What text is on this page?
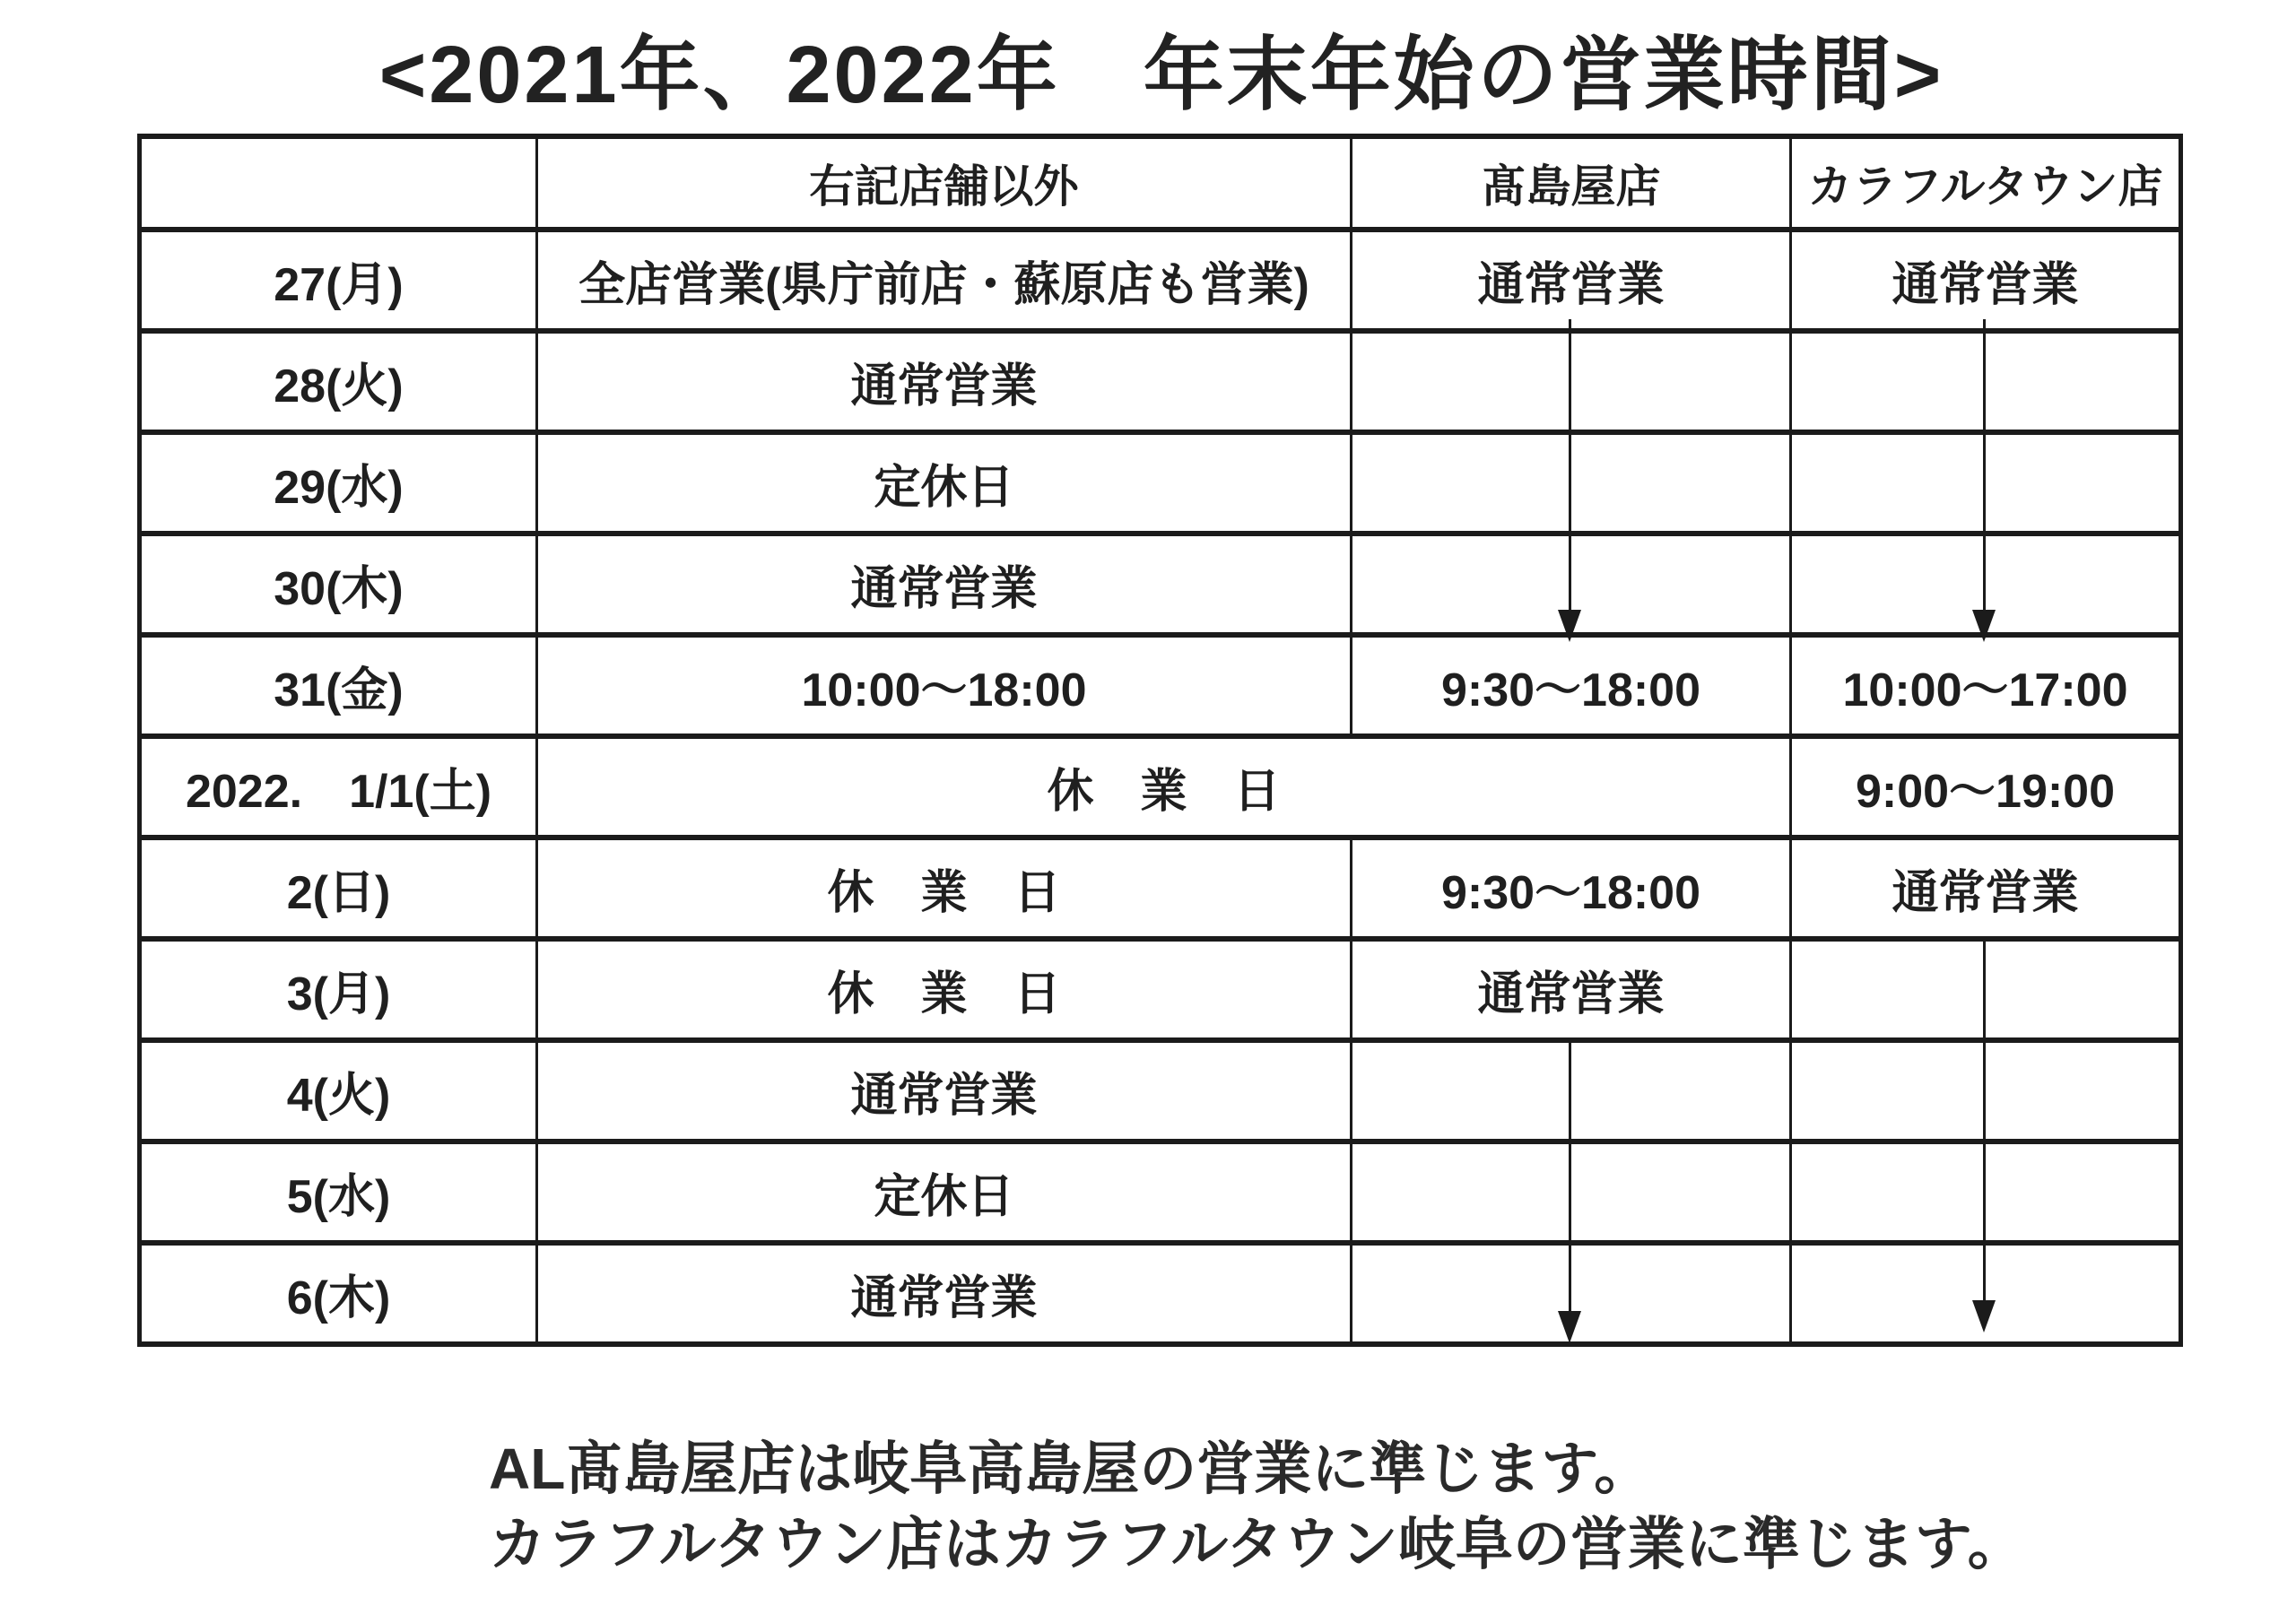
<2021年、2022年　年末年始の営業時間>
	右記店舗以外	髙島屋店	カラフルタウン店
27(月)	全店営業(県庁前店・蘇原店も営業)	通常営業	通常営業
28(火)	通常営業		
29(水)	定休日		
30(木)	通常営業		
31(金)	10:00〜18:00	9:30〜18:00	10:00〜17:00
2022.　1/1(土)	休　業　日		9:00〜19:00
2(日)	休　業　日	9:30〜18:00	通常営業
3(月)	休　業　日	通常営業	
4(火)	通常営業		
5(水)	定休日		
6(木)	通常営業		
AL髙島屋店は岐阜高島屋の営業に準じます。
カラフルタウン店はカラフルタウン岐阜の営業に準じます。
